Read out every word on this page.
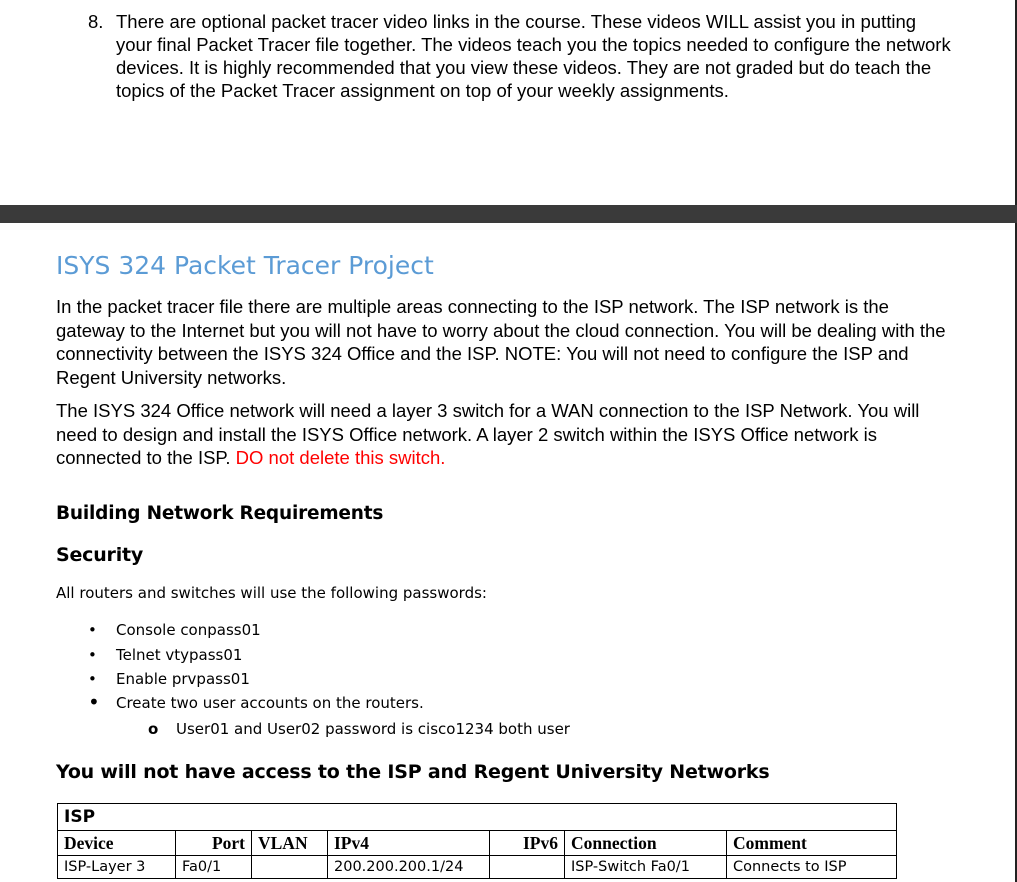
8. There are optional packet tracer video links in the course. These videos WILL assist you in putting your final Packet Tracer file together. The videos teach you the topics needed to configure the network devices. It is highly recommended that you view these videos. They are not graded but do teach the topics of the Packet Tracer assignment on top of your weekly assignments.
ISYS 324 Packet Tracer Project
In the packet tracer file there are multiple areas connecting to the ISP network. The ISP network is the gateway to the Internet but you will not have to worry about the cloud connection. You will be dealing with the connectivity between the ISYS 324 Office and the ISP. NOTE: You will not need to configure the ISP and Regent University networks.
The ISYS 324 Office network will need a layer 3 switch for a WAN connection to the ISP Network. You will need to design and install the ISYS Office network. A layer 2 switch within the ISYS Office network is connected to the ISP. DO not delete this switch.
Building Network Requirements
Security
All routers and switches will use the following passwords:
• Console conpass01
• Telnet vtypass01
• Enable prvpass01
• Create two user accounts on the routers.
o User01 and User02 password is cisco1234 both user
You will not have access to the ISP and Regent University Networks
ISP						
Device	Port	VLAN	IPv4	IPv6	Connection	Comment
ISP-Layer 3	Fa0/1		200.200.200.1/24		ISP-Switch Fa0/1	Connects to ISP
